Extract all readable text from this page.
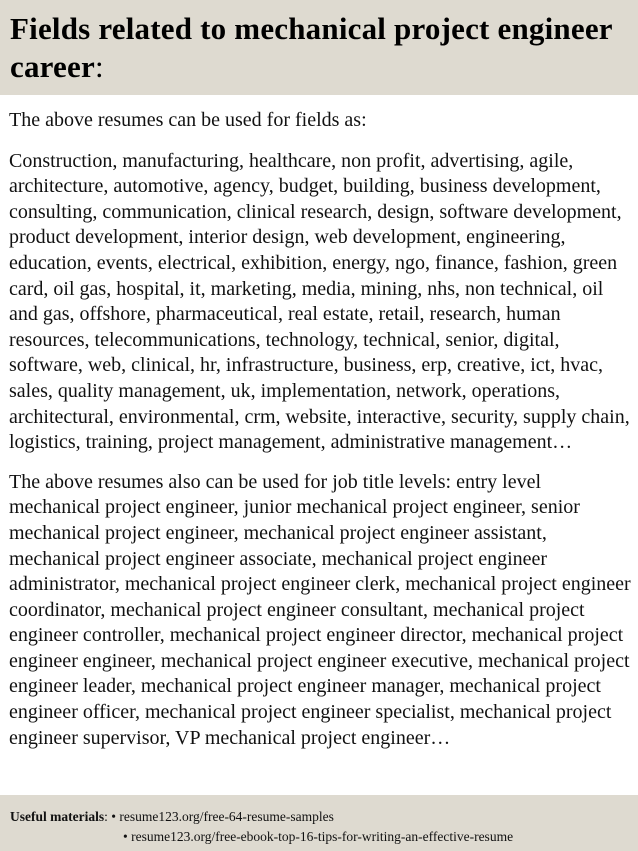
Fields related to mechanical project engineer career:

The above resumes can be used for fields as:

Construction, manufacturing, healthcare, non profit, advertising, agile, architecture, automotive, agency, budget, building, business development, consulting, communication, clinical research, design, software development, product development, interior design, web development, engineering, education, events, electrical, exhibition, energy, ngo, finance, fashion, green card, oil gas, hospital, it, marketing, media, mining, nhs, non technical, oil and gas, offshore, pharmaceutical, real estate, retail, research, human resources, telecommunications, technology, technical, senior, digital, software, web, clinical, hr, infrastructure, business, erp, creative, ict, hvac, sales, quality management, uk, implementation, network, operations, architectural, environmental, crm, website, interactive, security, supply chain, logistics, training, project management, administrative management…

The above resumes also can be used for job title levels: entry level mechanical project engineer, junior mechanical project engineer, senior mechanical project engineer, mechanical project engineer assistant, mechanical project engineer associate, mechanical project engineer administrator, mechanical project engineer clerk, mechanical project engineer coordinator, mechanical project engineer consultant, mechanical project engineer controller, mechanical project engineer director, mechanical project engineer engineer, mechanical project engineer executive, mechanical project engineer leader, mechanical project engineer manager, mechanical project engineer officer, mechanical project engineer specialist, mechanical project engineer supervisor, VP mechanical project engineer…

Useful materials: • resume123.org/free-64-resume-samples
• resume123.org/free-ebook-top-16-tips-for-writing-an-effective-resume
